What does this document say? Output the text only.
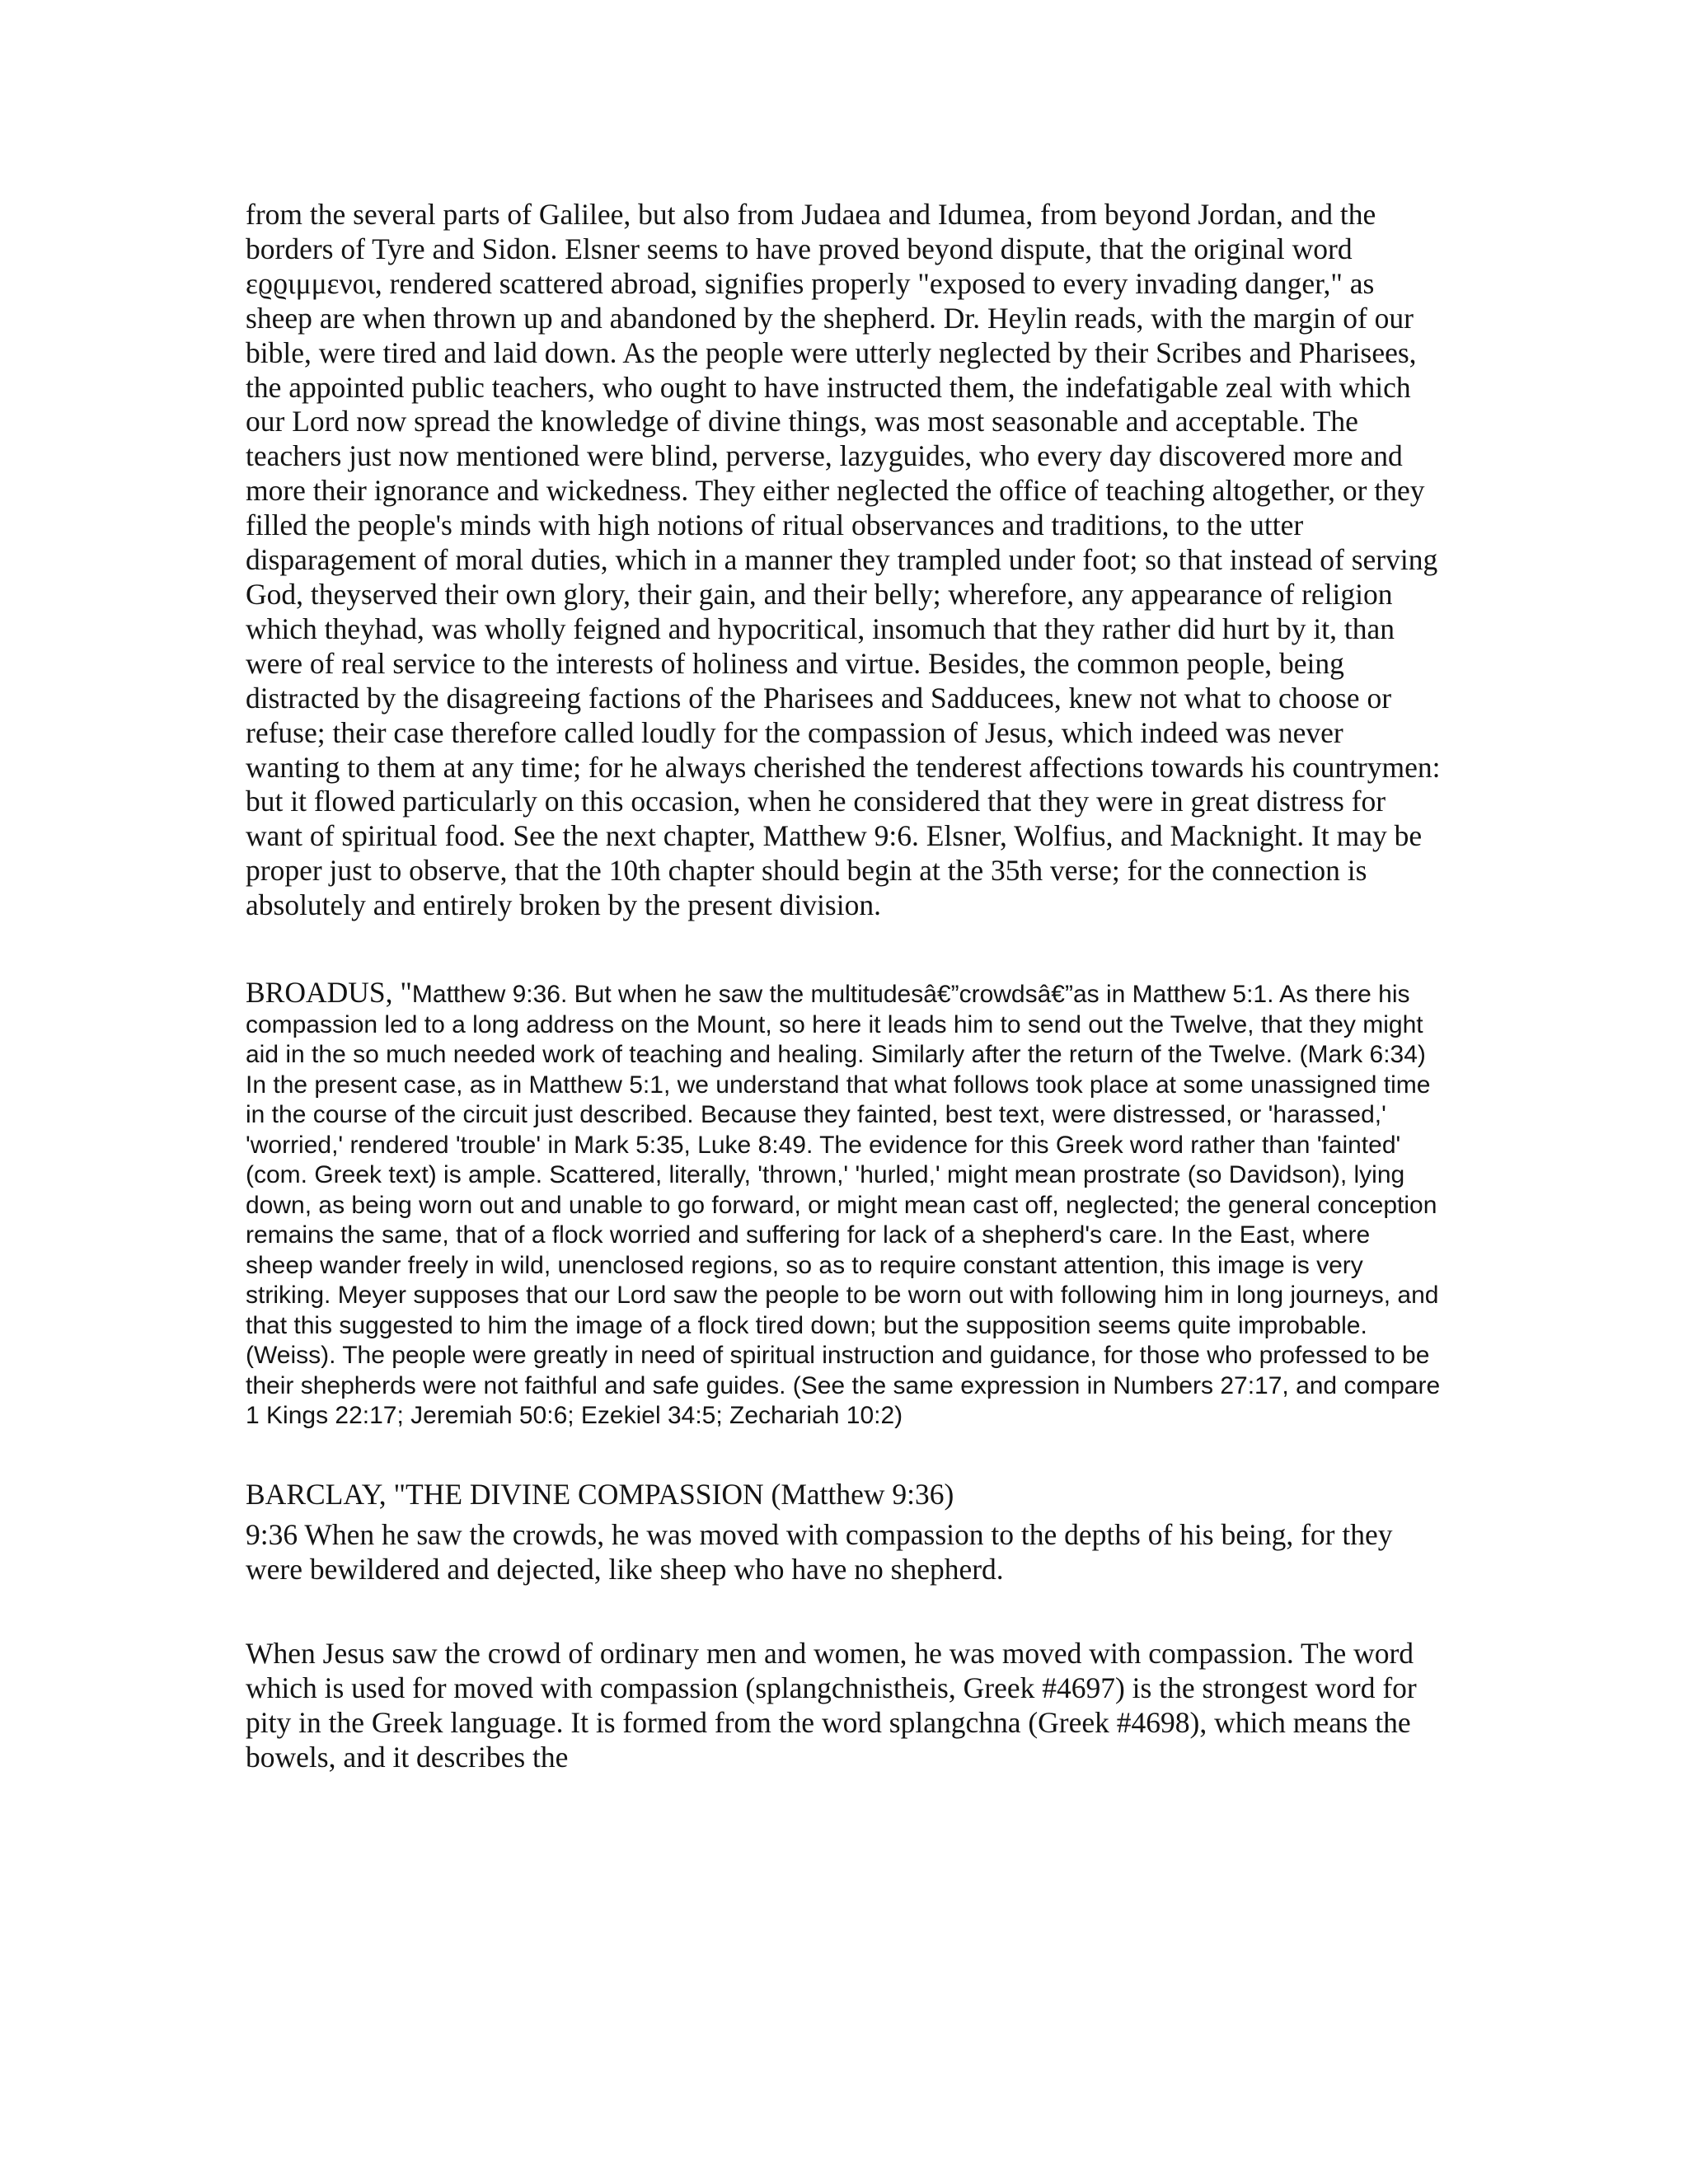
from the several parts of Galilee, but also from Judaea and Idumea, from beyond Jordan, and the borders of Tyre and Sidon. Elsner seems to have proved beyond dispute, that the original word εϱϱιμμενοι, rendered scattered abroad, signifies properly "exposed to every invading danger," as sheep are when thrown up and abandoned by the shepherd. Dr. Heylin reads, with the margin of our bible, were tired and laid down. As the people were utterly neglected by their Scribes and Pharisees, the appointed public teachers, who ought to have instructed them, the indefatigable zeal with which our Lord now spread the knowledge of divine things, was most seasonable and acceptable. The teachers just now mentioned were blind, perverse, lazyguides, who every day discovered more and more their ignorance and wickedness. They either neglected the office of teaching altogether, or they filled the people's minds with high notions of ritual observances and traditions, to the utter disparagement of moral duties, which in a manner they trampled under foot; so that instead of serving God, theyserved their own glory, their gain, and their belly; wherefore, any appearance of religion which theyhad, was wholly feigned and hypocritical, insomuch that they rather did hurt by it, than were of real service to the interests of holiness and virtue. Besides, the common people, being distracted by the disagreeing factions of the Pharisees and Sadducees, knew not what to choose or refuse; their case therefore called loudly for the compassion of Jesus, which indeed was never wanting to them at any time; for he always cherished the tenderest affections towards his countrymen: but it flowed particularly on this occasion, when he considered that they were in great distress for want of spiritual food. See the next chapter, Matthew 9:6. Elsner, Wolfius, and Macknight. It may be proper just to observe, that the 10th chapter should begin at the 35th verse; for the connection is absolutely and entirely broken by the present division.

BROADUS, "Matthew 9:36. But when he saw the multitudesâ€”crowdsâ€”as in Matthew 5:1. As there his compassion led to a long address on the Mount, so here it leads him to send out the Twelve, that they might aid in the so much needed work of teaching and healing. Similarly after the return of the Twelve. (Mark 6:34) In the present case, as in Matthew 5:1, we understand that what follows took place at some unassigned time in the course of the circuit just described. Because they fainted, best text, were distressed, or 'harassed,' 'worried,' rendered 'trouble' in Mark 5:35, Luke 8:49. The evidence for this Greek word rather than 'fainted' (com. Greek text) is ample. Scattered, literally, 'thrown,' 'hurled,' might mean prostrate (so Davidson), lying down, as being worn out and unable to go forward, or might mean cast off, neglected; the general conception remains the same, that of a flock worried and suffering for lack of a shepherd's care. In the East, where sheep wander freely in wild, unenclosed regions, so as to require constant attention, this image is very striking. Meyer supposes that our Lord saw the people to be worn out with following him in long journeys, and that this suggested to him the image of a flock tired down; but the supposition seems quite improbable. (Weiss). The people were greatly in need of spiritual instruction and guidance, for those who professed to be their shepherds were not faithful and safe guides. (See the same expression in Numbers 27:17, and compare 1 Kings 22:17; Jeremiah 50:6; Ezekiel 34:5; Zechariah 10:2)

BARCLAY, "THE DIVINE COMPASSION (Matthew 9:36)

9:36 When he saw the crowds, he was moved with compassion to the depths of his being, for they were bewildered and dejected, like sheep who have no shepherd.

When Jesus saw the crowd of ordinary men and women, he was moved with compassion. The word which is used for moved with compassion (splangchnistheis, Greek #4697) is the strongest word for pity in the Greek language. It is formed from the word splangchna (Greek #4698), which means the bowels, and it describes the
